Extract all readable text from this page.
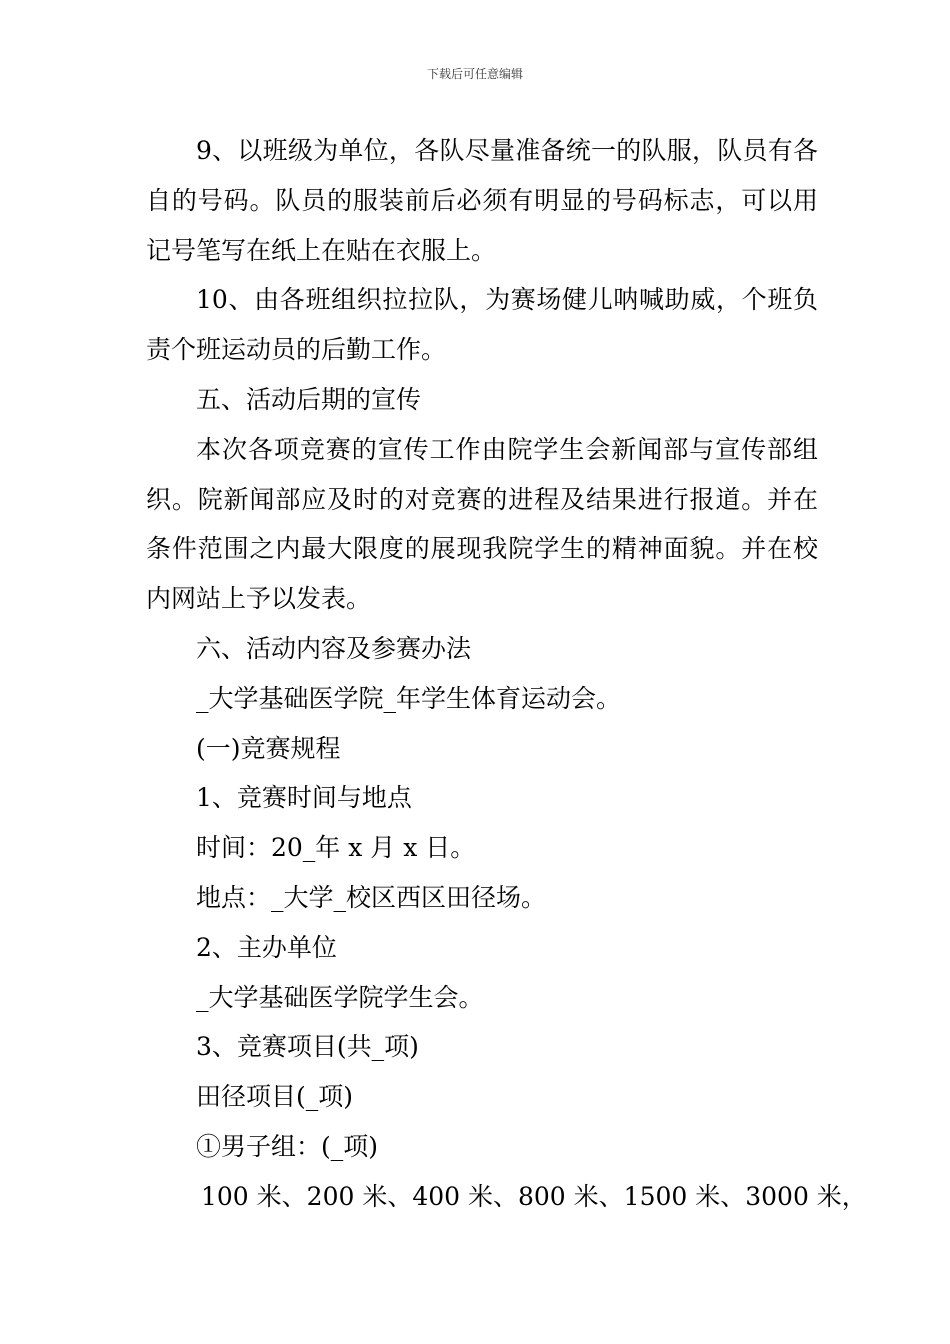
下载后可任意编辑

9、以班级为单位，各队尽量准备统一的队服，队员有各自的号码。队员的服装前后必须有明显的号码标志，可以用记号笔写在纸上在贴在衣服上。

10、由各班组织拉拉队，为赛场健儿呐喊助威，个班负责个班运动员的后勤工作。

五、活动后期的宣传

本次各项竞赛的宣传工作由院学生会新闻部与宣传部组织。院新闻部应及时的对竞赛的进程及结果进行报道。并在条件范围之内最大限度的展现我院学生的精神面貌。并在校内网站上予以发表。

六、活动内容及参赛办法

_大学基础医学院_年学生体育运动会。

(一)竞赛规程

1、竞赛时间与地点

时间：20_年 x 月 x 日。

地点：_大学_校区西区田径场。

2、主办单位

_大学基础医学院学生会。

3、竞赛项目(共_项)

田径项目(_项)

①男子组：(_项)

100 米、200 米、400 米、800 米、1500 米、3000 米，
